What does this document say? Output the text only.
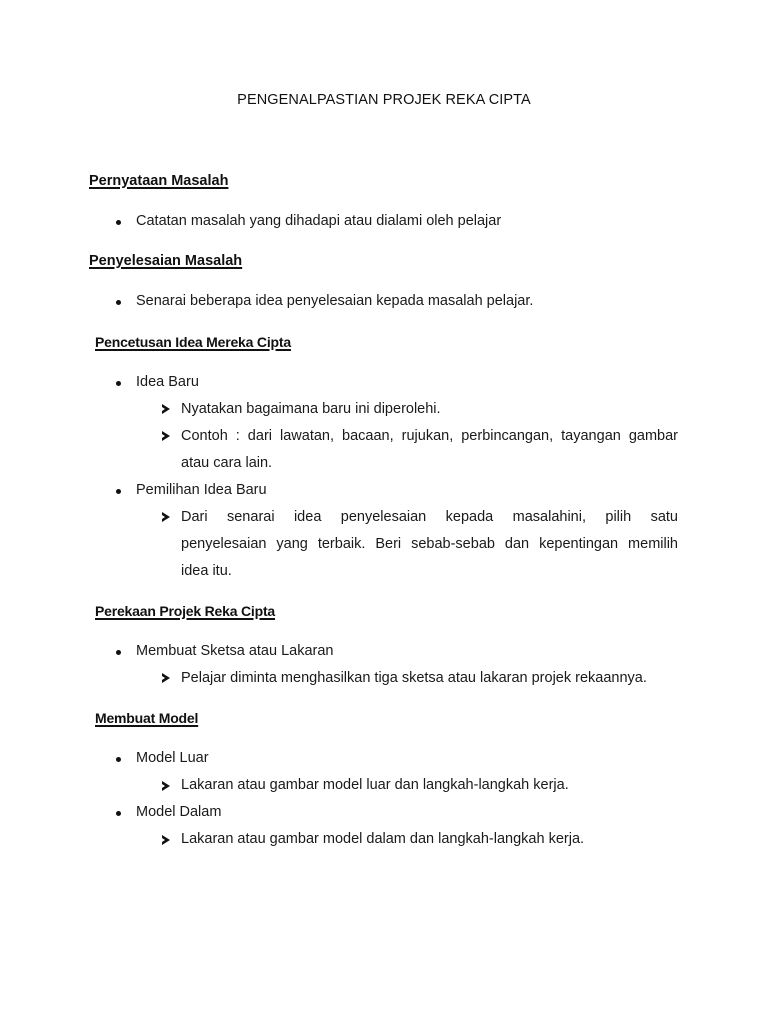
PENGENALPASTIAN PROJEK REKA CIPTA
Pernyataan Masalah
Catatan masalah yang dihadapi atau dialami oleh pelajar
Penyelesaian Masalah
Senarai beberapa idea penyelesaian kepada masalah pelajar.
Pencetusan Idea Mereka Cipta
Idea Baru
Nyatakan bagaimana baru ini diperolehi.
Contoh : dari lawatan, bacaan, rujukan, perbincangan, tayangan gambar
atau cara lain.
Pemilihan Idea Baru
Dari senarai idea penyelesaian kepada masalahini, pilih satu
penyelesaian yang terbaik. Beri sebab-sebab dan kepentingan memilih
idea itu.
Perekaan Projek Reka Cipta
Membuat Sketsa atau Lakaran
Pelajar diminta menghasilkan tiga sketsa atau lakaran projek rekaannya.
Membuat Model
Model Luar
Lakaran atau gambar model luar dan langkah-langkah kerja.
Model Dalam
Lakaran atau gambar model dalam dan langkah-langkah kerja.
